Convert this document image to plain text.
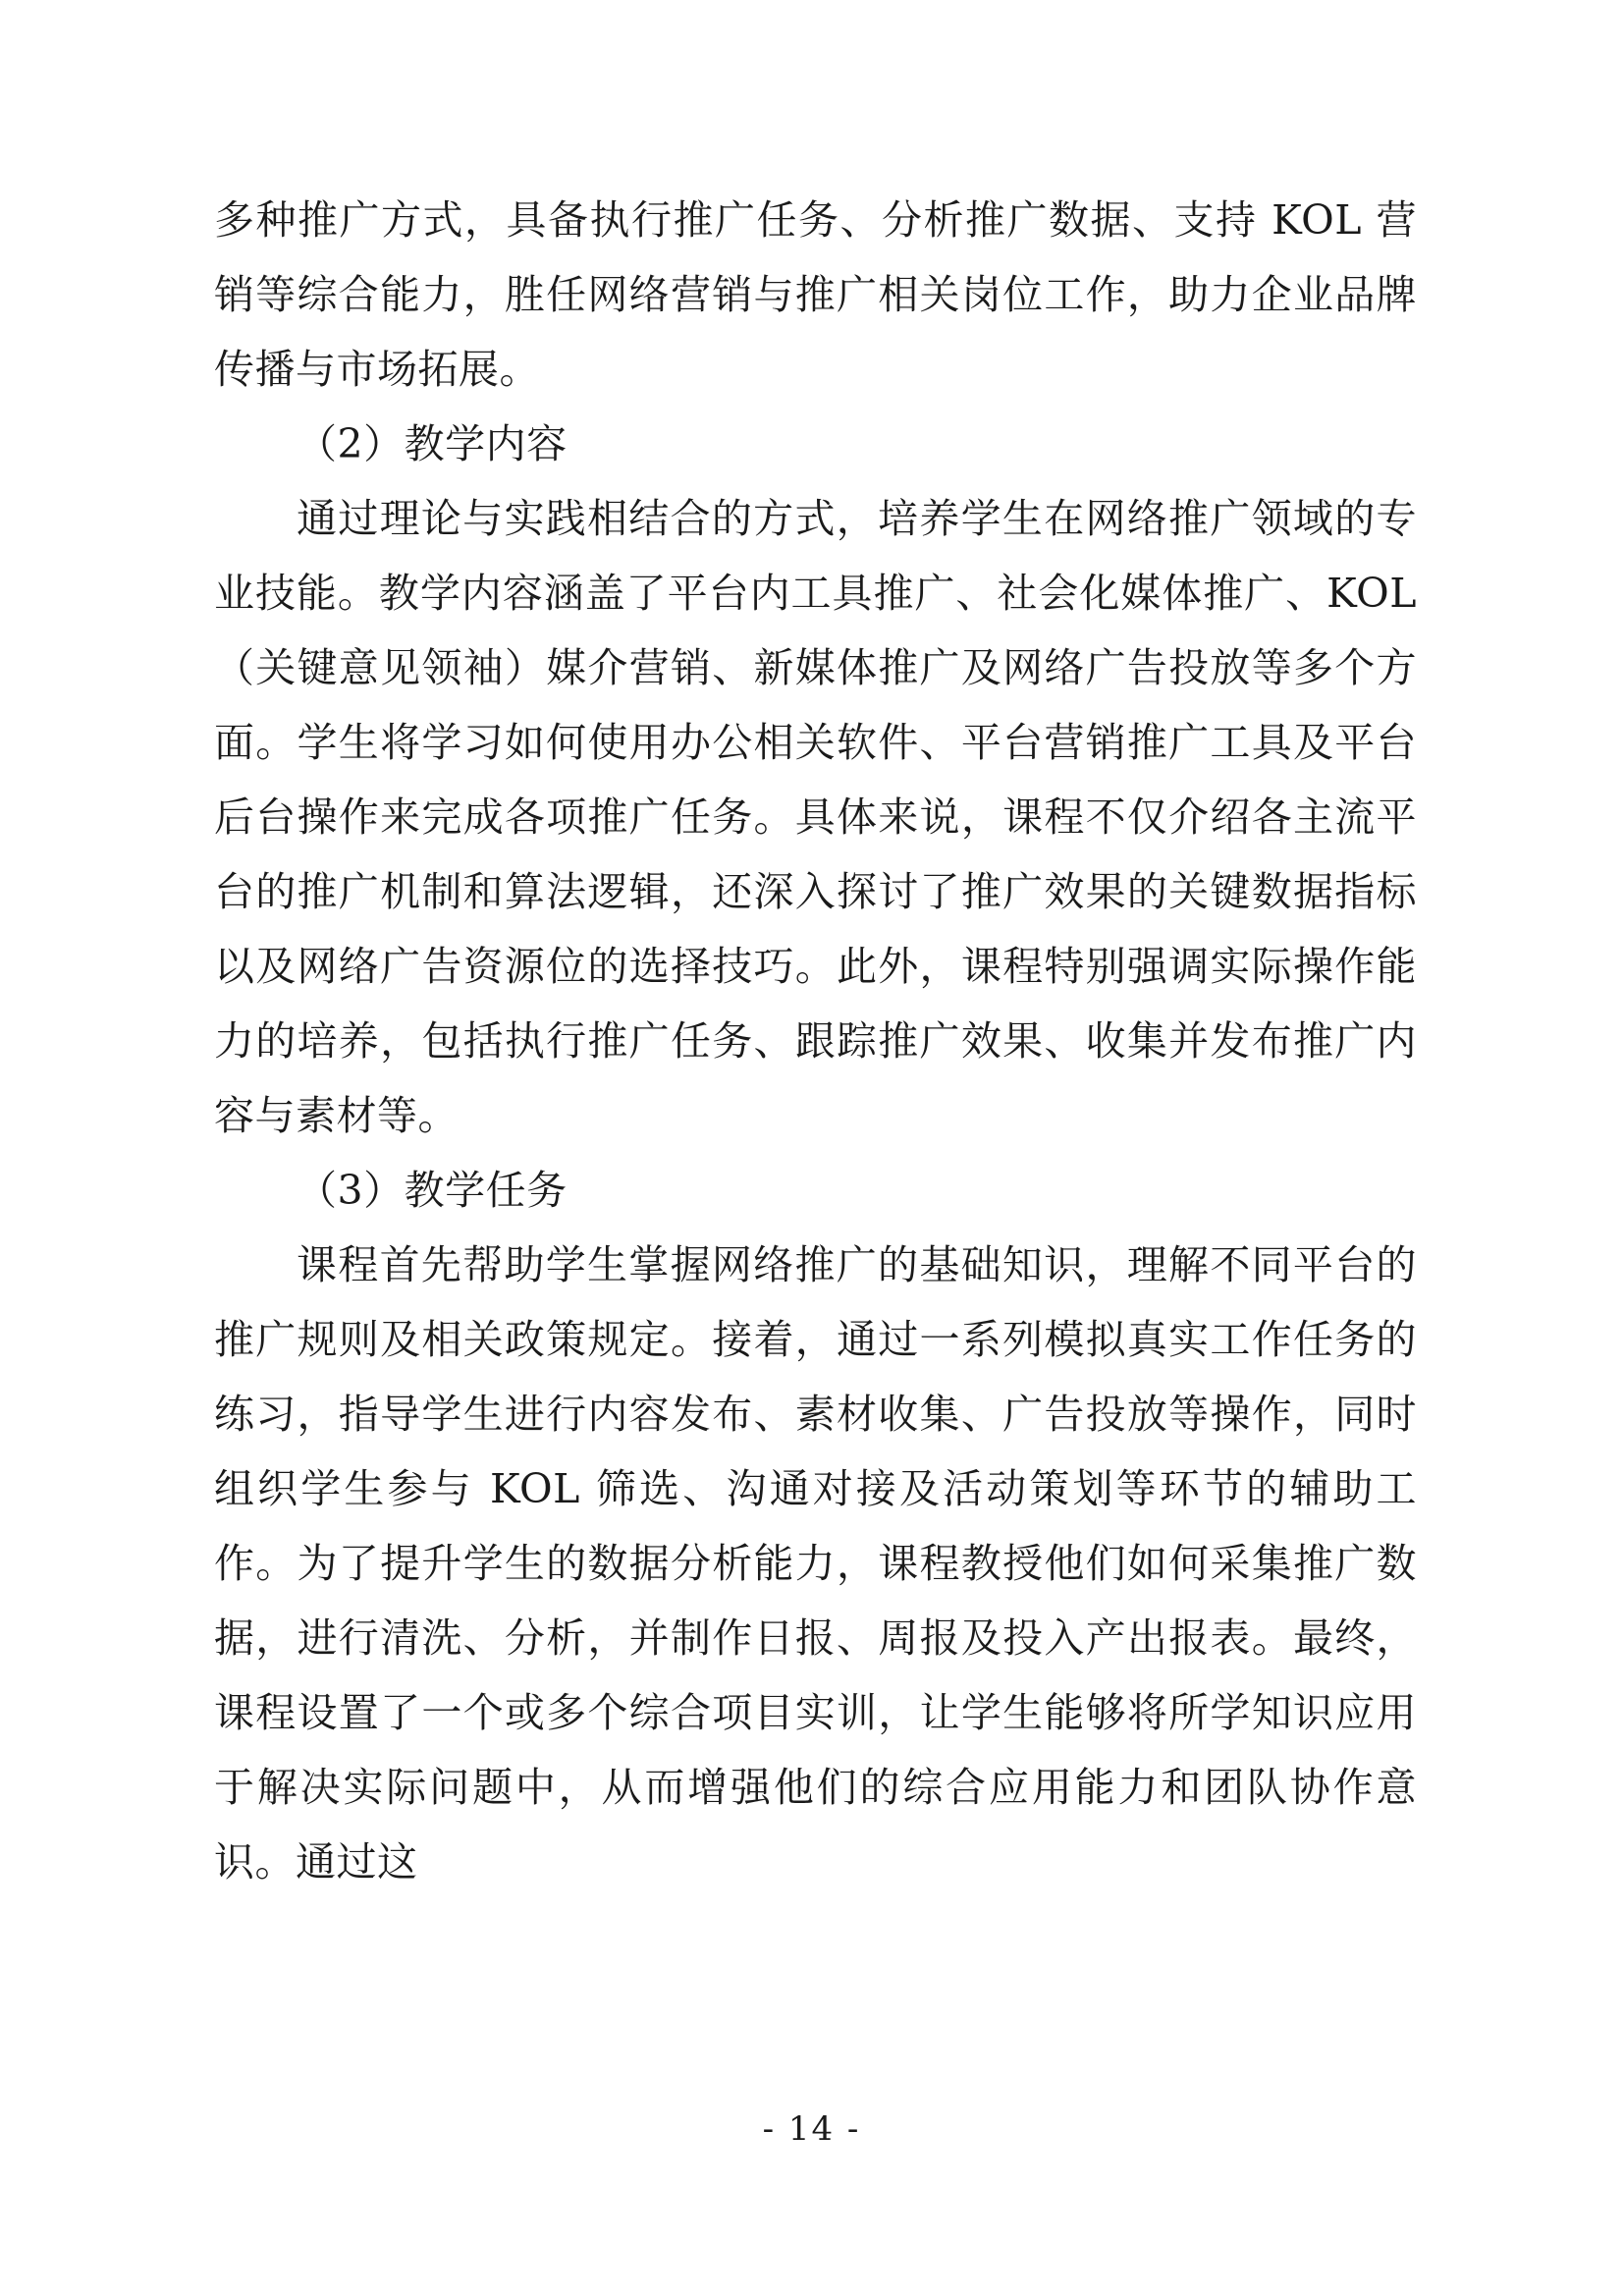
多种推广方式，具备执行推广任务、分析推广数据、支持 KOL 营销等综合能力，胜任网络营销与推广相关岗位工作，助力企业品牌传播与市场拓展。

（2）教学内容

通过理论与实践相结合的方式，培养学生在网络推广领域的专业技能。教学内容涵盖了平台内工具推广、社会化媒体推广、KOL（关键意见领袖）媒介营销、新媒体推广及网络广告投放等多个方面。学生将学习如何使用办公相关软件、平台营销推广工具及平台后台操作来完成各项推广任务。具体来说，课程不仅介绍各主流平台的推广机制和算法逻辑，还深入探讨了推广效果的关键数据指标以及网络广告资源位的选择技巧。此外，课程特别强调实际操作能力的培养，包括执行推广任务、跟踪推广效果、收集并发布推广内容与素材等。

（3）教学任务

课程首先帮助学生掌握网络推广的基础知识，理解不同平台的推广规则及相关政策规定。接着，通过一系列模拟真实工作任务的练习，指导学生进行内容发布、素材收集、广告投放等操作，同时组织学生参与 KOL 筛选、沟通对接及活动策划等环节的辅助工作。为了提升学生的数据分析能力，课程教授他们如何采集推广数据，进行清洗、分析，并制作日报、周报及投入产出报表。最终，课程设置了一个或多个综合项目实训，让学生能够将所学知识应用于解决实际问题中，从而增强他们的综合应用能力和团队协作意识。通过这

- 14 -
